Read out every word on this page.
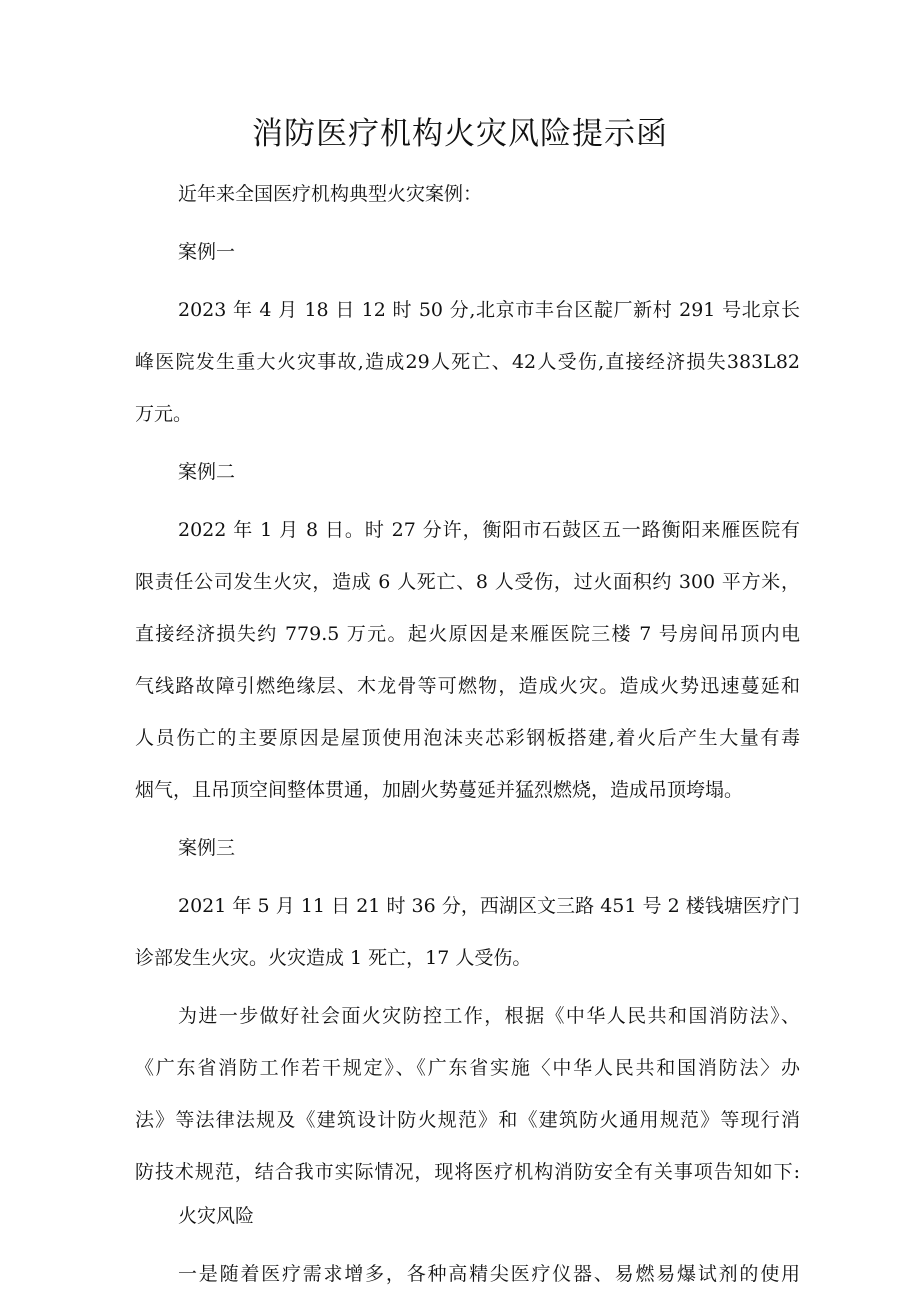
消防医疗机构火灾风险提示函
近年来全国医疗机构典型火灾案例：
案例一
2023 年 4 月 18 日 12 时 50 分,北京市丰台区靛厂新村 291 号北京长
峰医院发生重大火灾事故,造成29人死亡、42人受伤,直接经济损失383L82
万元。
案例二
2022 年 1 月 8 日。时 27 分许，衡阳市石鼓区五一路衡阳来雁医院有
限责任公司发生火灾，造成 6 人死亡、8 人受伤，过火面积约 300 平方米，
直接经济损失约 779.5 万元。起火原因是来雁医院三楼 7 号房间吊顶内电
气线路故障引燃绝缘层、木龙骨等可燃物，造成火灾。造成火势迅速蔓延和
人员伤亡的主要原因是屋顶使用泡沫夹芯彩钢板搭建,着火后产生大量有毒
烟气，且吊顶空间整体贯通，加剧火势蔓延并猛烈燃烧，造成吊顶垮塌。
案例三
2021 年 5 月 11 日 21 时 36 分，西湖区文三路 451 号 2 楼钱塘医疗门
诊部发生火灾。火灾造成 1 死亡，17 人受伤。
为进一步做好社会面火灾防控工作，根据《中华人民共和国消防法》、
《广东省消防工作若干规定》、《广东省实施〈中华人民共和国消防法〉办
法》等法律法规及《建筑设计防火规范》和《建筑防火通用规范》等现行消
防技术规范，结合我市实际情况，现将医疗机构消防安全有关事项告知如下:
火灾风险
一是随着医疗需求增多，各种高精尖医疗仪器、易燃易爆试剂的使用
